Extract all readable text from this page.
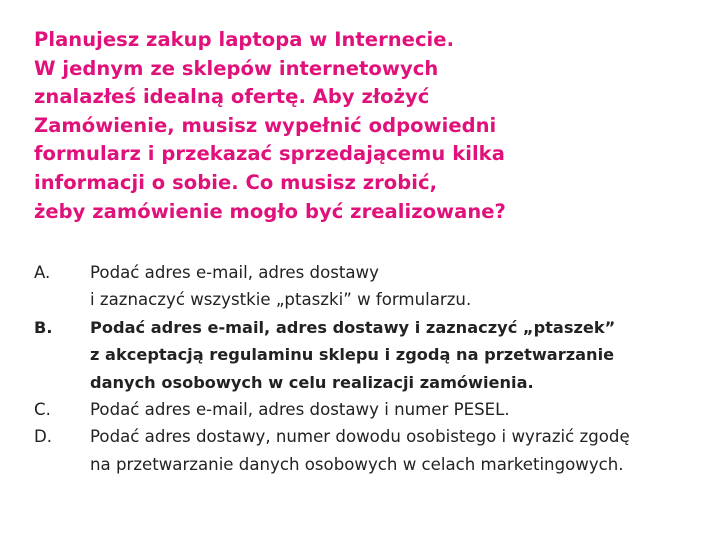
Planujesz zakup laptopa w Internecie.
W jednym ze sklepów internetowych
znalazłeś idealną ofertę. Aby złożyć
Zamówienie, musisz wypełnić odpowiedni
formularz i przekazać sprzedającemu kilka
informacji o sobie. Co musisz zrobić,
żeby zamówienie mogło być zrealizowane?

A. Podać adres e-mail, adres dostawy
i zaznaczyć wszystkie „ptaszki” w formularzu.
B. Podać adres e-mail, adres dostawy i zaznaczyć „ptaszek”
z akceptacją regulaminu sklepu i zgodą na przetwarzanie
danych osobowych w celu realizacji zamówienia.
C. Podać adres e-mail, adres dostawy i numer PESEL.
D. Podać adres dostawy, numer dowodu osobistego i wyrazić zgodę
na przetwarzanie danych osobowych w celach marketingowych.
